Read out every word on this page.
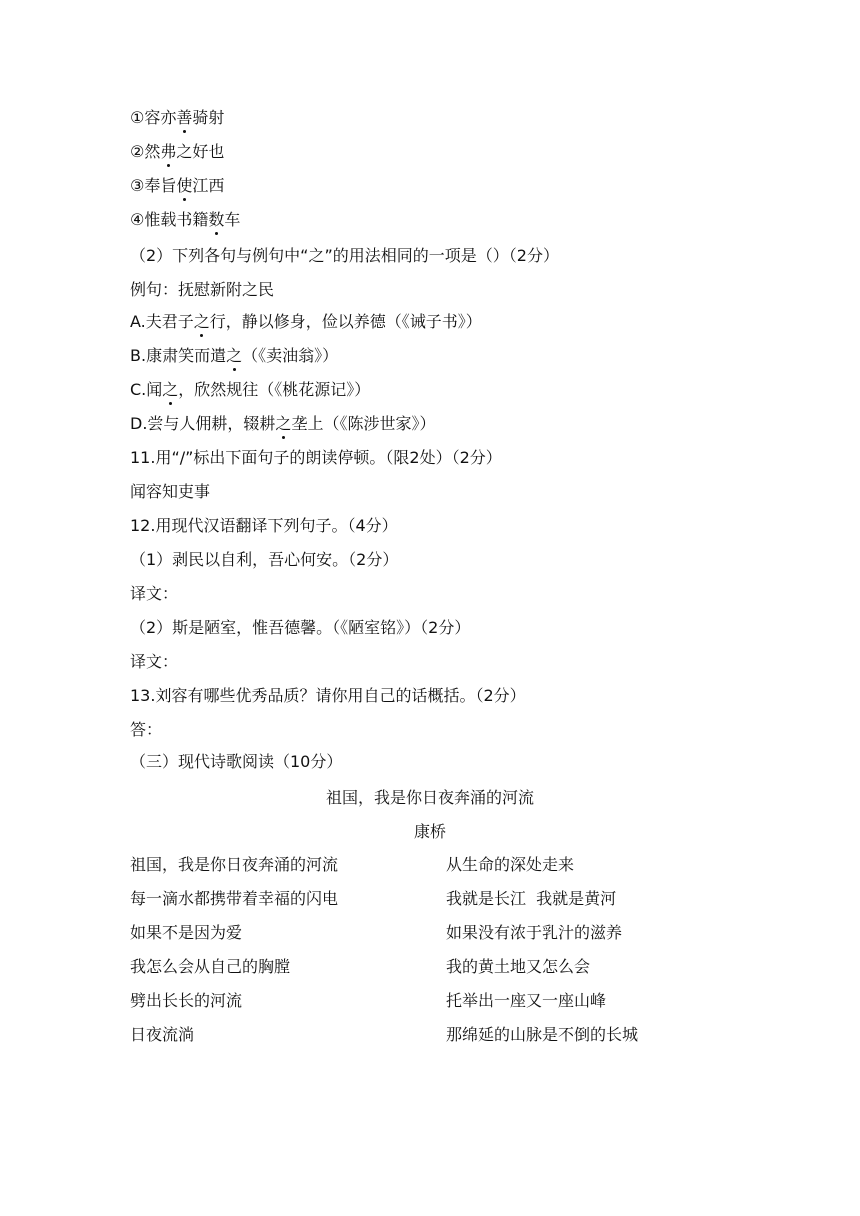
①容亦善骑射
②然弗之好也
③奉旨使江西
④惟载书籍数车
（2）下列各句与例句中“之”的用法相同的一项是（）（2分）
例句：抚慰新附之民
A.夫君子之行，静以修身，俭以养德（《诫子书》）
B.康肃笑而遣之（《卖油翁》）
C.闻之，欣然规往（《桃花源记》）
D.尝与人佣耕，辍耕之垄上（《陈涉世家》）
11.用“/”标出下面句子的朗读停顿。（限2处）（2分）
闻容知吏事
12.用现代汉语翻译下列句子。（4分）
（1）剥民以自利，吾心何安。（2分）
译文：
（2）斯是陋室，惟吾德馨。（《陋室铭》）（2分）
译文：
13.刘容有哪些优秀品质？请你用自己的话概括。（2分）
答：
（三）现代诗歌阅读（10分）
祖国，我是你日夜奔涌的河流
康桥
祖国，我是你日夜奔涌的河流
每一滴水都携带着幸福的闪电
如果不是因为爱
我怎么会从自己的胸膛
劈出长长的河流
日夜流淌
从生命的深处走来
我就是长江  我就是黄河
如果没有浓于乳汁的滋养
我的黄土地又怎么会
托举出一座又一座山峰
那绵延的山脉是不倒的长城
